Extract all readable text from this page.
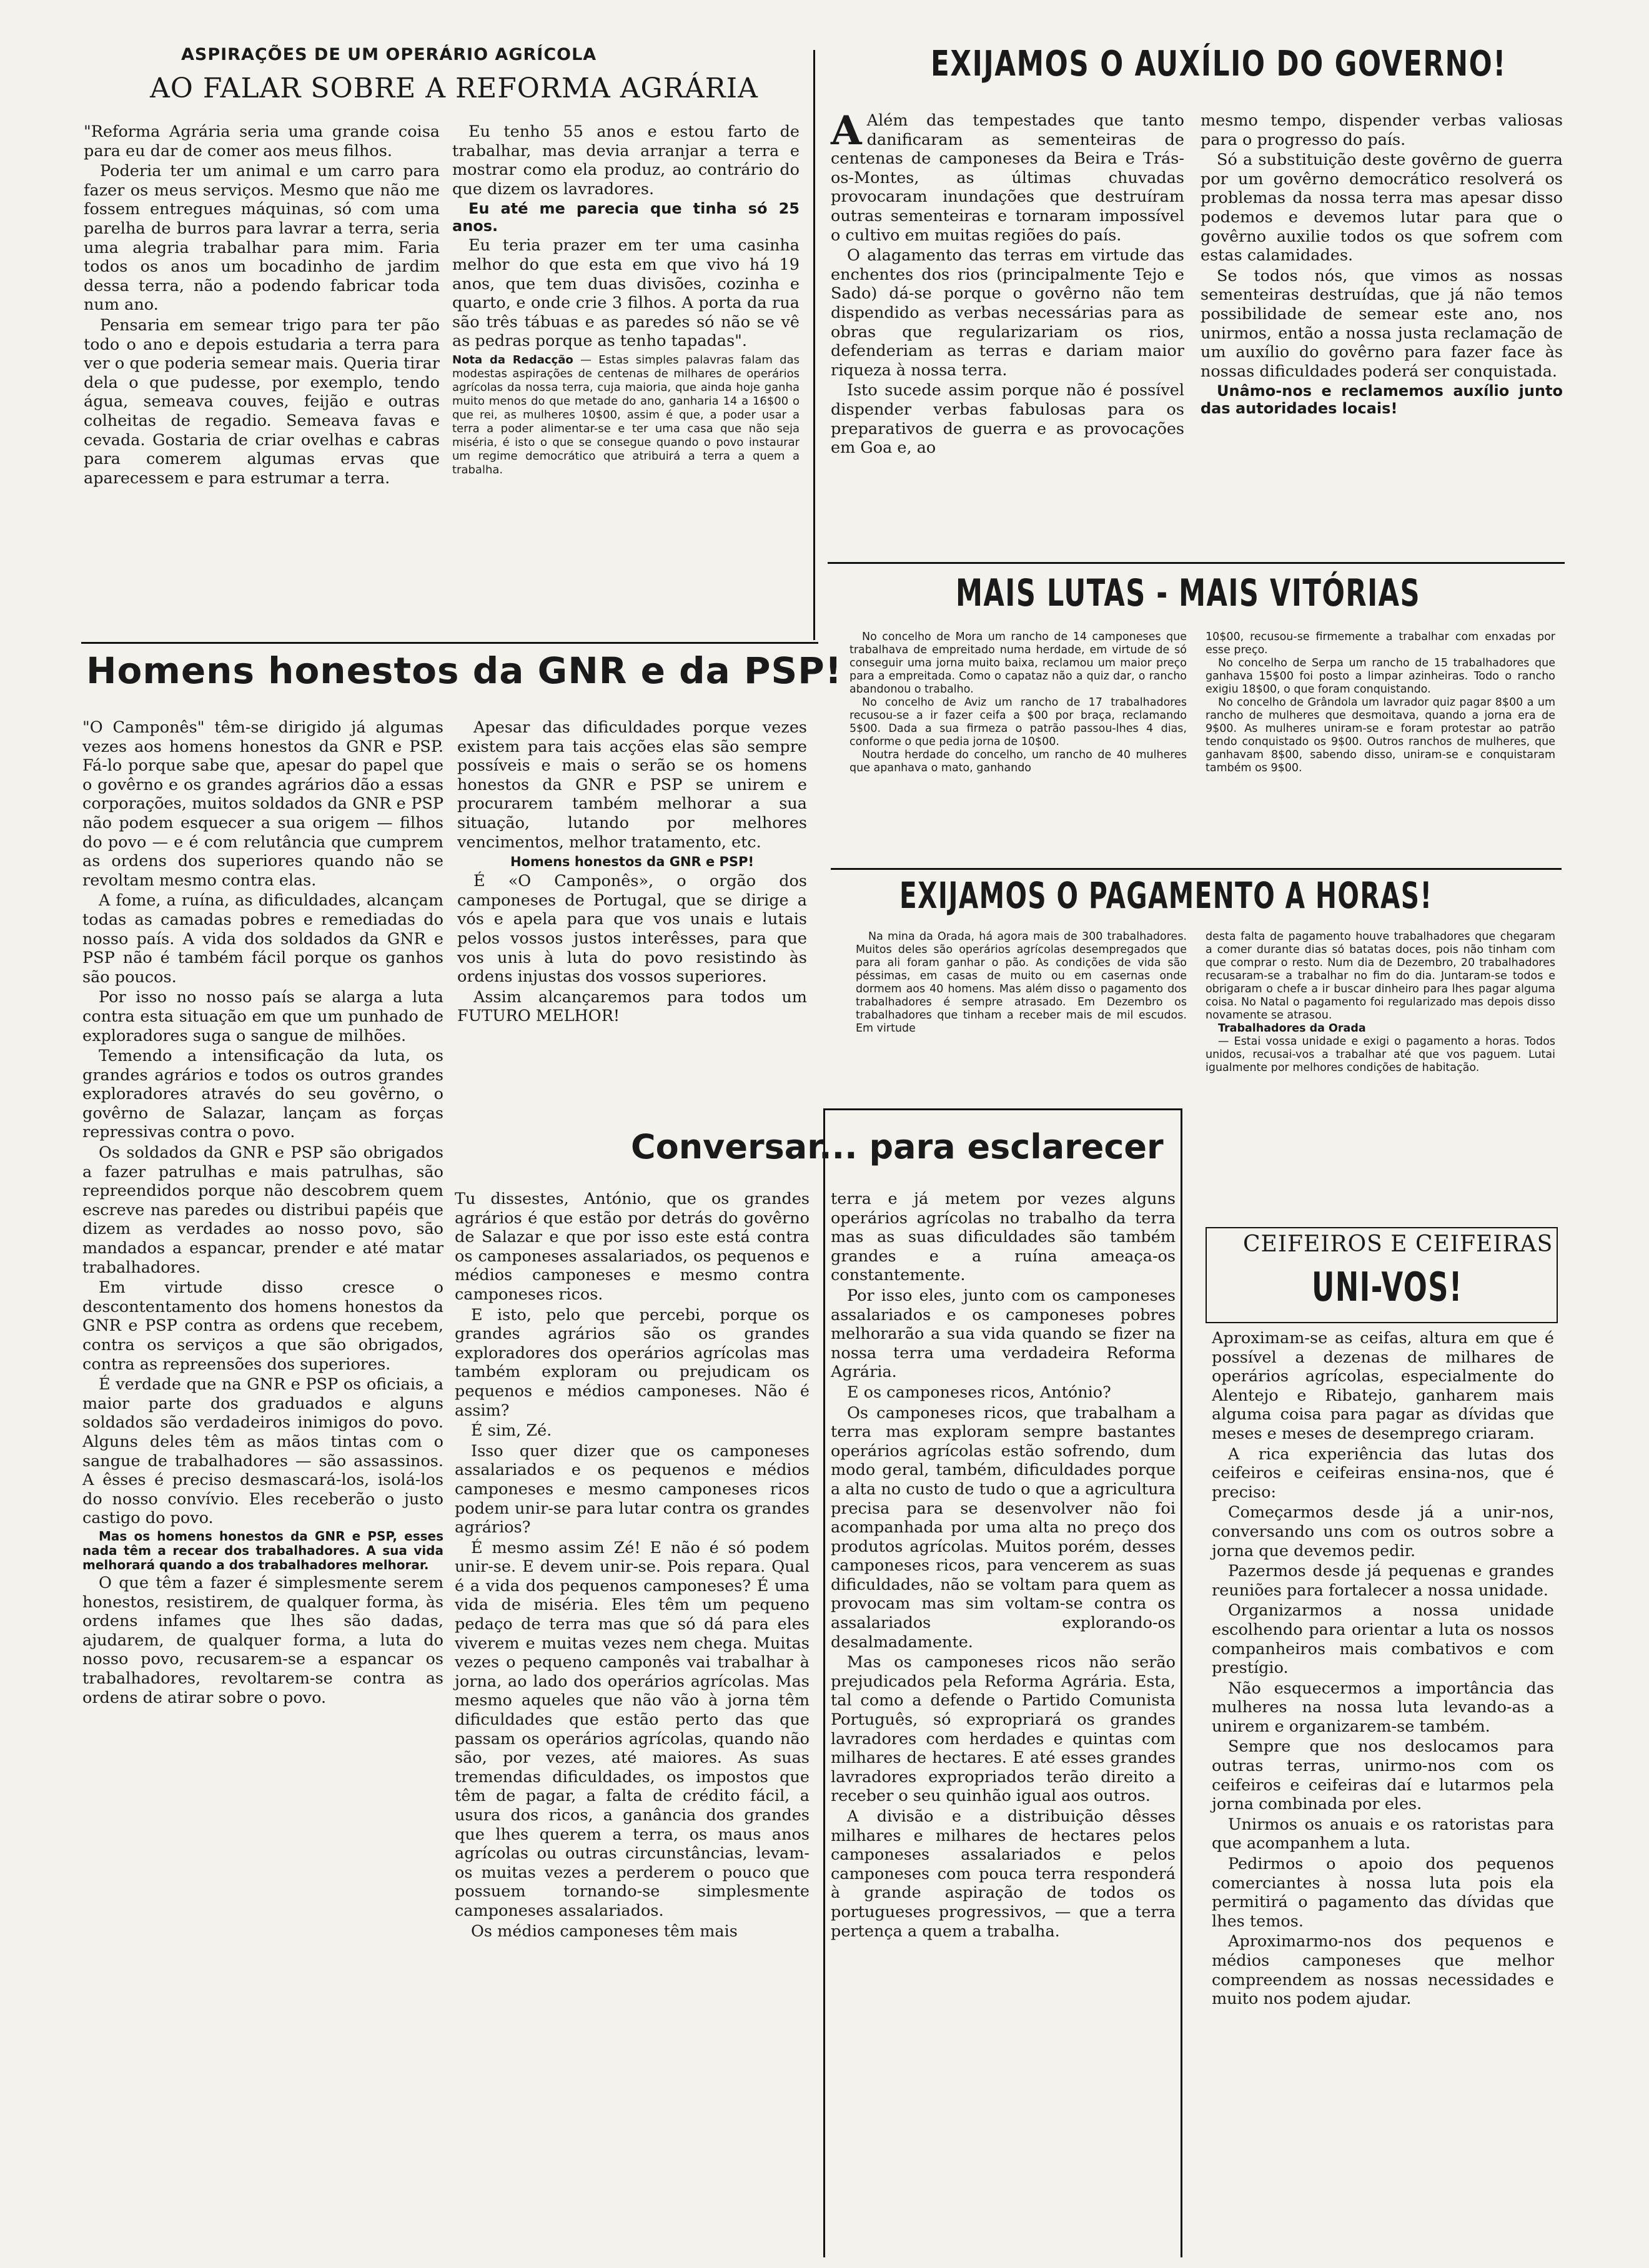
ASPIRAÇÕES DE UM OPERÁRIO AGRÍCOLA
AO FALAR SOBRE A REFORMA AGRÁRIA

"Reforma Agrária seria uma grande coisa para eu dar de comer aos meus filhos.

Poderia ter um animal e um carro para fazer os meus serviços. Mesmo que não me fossem entregues máquinas, só com uma parelha de burros para lavrar a terra, seria uma alegria trabalhar para mim. Faria todos os anos um bocadinho de jardim dessa terra, não a podendo fabricar toda num ano.

Pensaria em semear trigo para ter pão todo o ano e depois estudaria a terra para ver o que poderia semear mais. Queria tirar dela o que pudesse, por exemplo, tendo água, semeava couves, feijão e outras colheitas de regadio. Semeava favas e cevada. Gostaria de criar ovelhas e cabras para comerem algumas ervas que aparecessem e para estrumar a terra.

Eu tenho 55 anos e estou farto de trabalhar, mas devia arranjar a terra e mostrar como ela produz, ao contrário do que dizem os lavradores.

Eu até me parecia que tinha só 25 anos.

Eu teria prazer em ter uma casinha melhor do que esta em que vivo há 19 anos, que tem duas divisões, cozinha e quarto, e onde crie 3 filhos. A porta da rua são três tábuas e as paredes só não se vê as pedras porque as tenho tapadas".

Nota da Redacção — Estas simples palavras falam das modestas aspirações de centenas de milhares de operários agrícolas da nossa terra, cuja maioria, que ainda hoje ganha muito menos do que metade do ano, ganharia 14 a 16$00 o que rei, as mulheres 10$00, assim é que, a poder usar a terra a poder alimentar-se e ter uma casa que não seja miséria, é isto o que se consegue quando o povo instaurar um regime democrático que atribuirá a terra a quem a trabalha.
EXIJAMOS O AUXÍLIO DO GOVERNO!

A Além das tempestades que tanto danificaram as sementeiras de centenas de camponeses da Beira e Trás-os-Montes, as últimas chuvadas provocaram inundações que destruíram outras sementeiras e tornaram impossível o cultivo em muitas regiões do país.

O alagamento das terras em virtude das enchentes dos rios (principalmente Tejo e Sado) dá-se porque o govêrno não tem dispendido as verbas necessárias para as obras que regularizariam os rios, defenderiam as terras e dariam maior riqueza à nossa terra.

Isto sucede assim porque não é possível dispender verbas fabulosas para os preparativos de guerra e as provocações em Goa e, ao

mesmo tempo, dispender verbas valiosas para o progresso do país.

Só a substituição deste govêrno de guerra por um govêrno democrático resolverá os problemas da nossa terra mas apesar disso podemos e devemos lutar para que o govêrno auxilie todos os que sofrem com estas calamidades.

Se todos nós, que vimos as nossas sementeiras destruídas, que já não temos possibilidade de semear este ano, nos unirmos, então a nossa justa reclamação de um auxílio do govêrno para fazer face às nossas dificuldades poderá ser conquistada.

Unâmo-nos e reclamemos auxílio junto das autoridades locais!

Homens honestos da GNR e da PSP!

"O Camponês" têm-se dirigido já algumas vezes aos homens honestos da GNR e PSP. Fá-lo porque sabe que, apesar do papel que o govêrno e os grandes agrários dão a essas corporações, muitos soldados da GNR e PSP não podem esquecer a sua origem — filhos do povo — e é com relutância que cumprem as ordens dos superiores quando não se revoltam mesmo contra elas.

A fome, a ruína, as dificuldades, alcançam todas as camadas pobres e remediadas do nosso país. A vida dos soldados da GNR e PSP não é também fácil porque os ganhos são poucos.

Por isso no nosso país se alarga a luta contra esta situação em que um punhado de exploradores suga o sangue de milhões.

Temendo a intensificação da luta, os grandes agrários e todos os outros grandes exploradores através do seu govêrno, o govêrno de Salazar, lançam as forças repressivas contra o povo.

Os soldados da GNR e PSP são obrigados a fazer patrulhas e mais patrulhas, são repreendidos porque não descobrem quem escreve nas paredes ou distribui papéis que dizem as verdades ao nosso povo, são mandados a espancar, prender e até matar trabalhadores.

Em virtude disso cresce o descontentamento dos homens honestos da GNR e PSP contra as ordens que recebem, contra os serviços a que são obrigados, contra as repreensões dos superiores.

É verdade que na GNR e PSP os oficiais, a maior parte dos graduados e alguns soldados são verdadeiros inimigos do povo. Alguns deles têm as mãos tintas com o sangue de trabalhadores — são assassinos. A êsses é preciso desmascará-los, isolá-los do nosso convívio. Eles receberão o justo castigo do povo.

Mas os homens honestos da GNR e PSP, esses nada têm a recear dos trabalhadores. A sua vida melhorará quando a dos trabalhadores melhorar.

O que têm a fazer é simplesmente serem honestos, resistirem, de qualquer forma, às ordens infames que lhes são dadas, ajudarem, de qualquer forma, a luta do nosso povo, recusarem-se a espancar os trabalhadores, revoltarem-se contra as ordens de atirar sobre o povo.

Apesar das dificuldades porque vezes existem para tais acções elas são sempre possíveis e mais o serão se os homens honestos da GNR e PSP se unirem e procurarem também melhorar a sua situação, lutando por melhores vencimentos, melhor tratamento, etc.

Homens honestos da GNR e PSP!

É «O Camponês», o orgão dos camponeses de Portugal, que se dirige a vós e apela para que vos unais e lutais pelos vossos justos interêsses, para que vos unis à luta do povo resistindo às ordens injustas dos vossos superiores.

Assim alcançaremos para todos um FUTURO MELHOR!

MAIS LUTAS - MAIS VITÓRIAS

No concelho de Mora um rancho de 14 camponeses que trabalhava de empreitado numa herdade, em virtude de só conseguir uma jorna muito baixa, reclamou um maior preço para a empreitada. Como o capataz não a quiz dar, o rancho abandonou o trabalho.

No concelho de Aviz um rancho de 17 trabalhadores recusou-se a ir fazer ceifa a $00 por braça, reclamando 5$00. Dada a sua firmeza o patrão passou-lhes 4 dias, conforme o que pedia jorna de 10$00.

Noutra herdade do concelho, um rancho de 40 mulheres que apanhava o mato, ganhando

10$00, recusou-se firmemente a trabalhar com enxadas por esse preço.

No concelho de Serpa um rancho de 15 trabalhadores que ganhava 15$00 foi posto a limpar azinheiras. Todo o rancho exigiu 18$00, o que foram conquistando.

No concelho de Grândola um lavrador quiz pagar 8$00 a um rancho de mulheres que desmoitava, quando a jorna era de 9$00. As mulheres uniram-se e foram protestar ao patrão tendo conquistado os 9$00. Outros ranchos de mulheres, que ganhavam 8$00, sabendo disso, uniram-se e conquistaram também os 9$00.

EXIJAMOS O PAGAMENTO A HORAS!

Na mina da Orada, há agora mais de 300 trabalhadores. Muitos deles são operários agrícolas desempregados que para ali foram ganhar o pão. As condições de vida são péssimas, em casas de muito ou em casernas onde dormem aos 40 homens. Mas além disso o pagamento dos trabalhadores é sempre atrasado. Em Dezembro os trabalhadores que tinham a receber mais de mil escudos. Em virtude

desta falta de pagamento houve trabalhadores que chegaram a comer durante dias só batatas doces, pois não tinham com que comprar o resto. Num dia de Dezembro, 20 trabalhadores recusaram-se a trabalhar no fim do dia. Juntaram-se todos e obrigaram o chefe a ir buscar dinheiro para lhes pagar alguma coisa. No Natal o pagamento foi regularizado mas depois disso novamente se atrasou.

Trabalhadores da Orada

— Estai vossa unidade e exigi o pagamento a horas. Todos unidos, recusai-vos a trabalhar até que vos paguem. Lutai igualmente por melhores condições de habitação.

Conversar... para esclarecer

Tu dissestes, António, que os grandes agrários é que estão por detrás do govêrno de Salazar e que por isso este está contra os camponeses assalariados, os pequenos e médios camponeses e mesmo contra camponeses ricos.

E isto, pelo que percebi, porque os grandes agrários são os grandes exploradores dos operários agrícolas mas também exploram ou prejudicam os pequenos e médios camponeses. Não é assim?

É sim, Zé.

Isso quer dizer que os camponeses assalariados e os pequenos e médios camponeses e mesmo camponeses ricos podem unir-se para lutar contra os grandes agrários?

É mesmo assim Zé! E não é só podem unir-se. E devem unir-se. Pois repara. Qual é a vida dos pequenos camponeses? É uma vida de miséria. Eles têm um pequeno pedaço de terra mas que só dá para eles viverem e muitas vezes nem chega. Muitas vezes o pequeno camponês vai trabalhar à jorna, ao lado dos operários agrícolas. Mas mesmo aqueles que não vão à jorna têm dificuldades que estão perto das que passam os operários agrícolas, quando não são, por vezes, até maiores. As suas tremendas dificuldades, os impostos que têm de pagar, a falta de crédito fácil, a usura dos ricos, a ganância dos grandes que lhes querem a terra, os maus anos agrícolas ou outras circunstâncias, levam-os muitas vezes a perderem o pouco que possuem tornando-se simplesmente camponeses assalariados.

Os médios camponeses têm mais

terra e já metem por vezes alguns operários agrícolas no trabalho da terra mas as suas dificuldades são também grandes e a ruína ameaça-os constantemente.

Por isso eles, junto com os camponeses assalariados e os camponeses pobres melhorarão a sua vida quando se fizer na nossa terra uma verdadeira Reforma Agrária.

E os camponeses ricos, António?

Os camponeses ricos, que trabalham a terra mas exploram sempre bastantes operários agrícolas estão sofrendo, dum modo geral, também, dificuldades porque a alta no custo de tudo o que a agricultura precisa para se desenvolver não foi acompanhada por uma alta no preço dos produtos agrícolas. Muitos porém, desses camponeses ricos, para vencerem as suas dificuldades, não se voltam para quem as provocam mas sim voltam-se contra os assalariados explorando-os desalmadamente.

Mas os camponeses ricos não serão prejudicados pela Reforma Agrária. Esta, tal como a defende o Partido Comunista Português, só expropriará os grandes lavradores com herdades e quintas com milhares de hectares. E até esses grandes lavradores expropriados terão direito a receber o seu quinhão igual aos outros.

A divisão e a distribuição dêsses milhares e milhares de hectares pelos camponeses assalariados e pelos camponeses com pouca terra responderá à grande aspiração de todos os portugueses progressivos, — que a terra pertença a quem a trabalha.

CEIFEIROS E CEIFEIRAS
UNI-VOS!

Aproximam-se as ceifas, altura em que é possível a dezenas de milhares de operários agrícolas, especialmente do Alentejo e Ribatejo, ganharem mais alguma coisa para pagar as dívidas que meses e meses de desemprego criaram.

A rica experiência das lutas dos ceifeiros e ceifeiras ensina-nos, que é preciso:

Começarmos desde já a unir-nos, conversando uns com os outros sobre a jorna que devemos pedir.

Pazermos desde já pequenas e grandes reuniões para fortalecer a nossa unidade.

Organizarmos a nossa unidade escolhendo para orientar a luta os nossos companheiros mais combativos e com prestígio.

Não esquecermos a importância das mulheres na nossa luta levando-as a unirem e organizarem-se também.

Sempre que nos deslocamos para outras terras, unirmo-nos com os ceifeiros e ceifeiras daí e lutarmos pela jorna combinada por eles.

Unirmos os anuais e os ratoristas para que acompanhem a luta.

Pedirmos o apoio dos pequenos comerciantes à nossa luta pois ela permitirá o pagamento das dívidas que lhes temos.

Aproximarmo-nos dos pequenos e médios camponeses que melhor compreendem as nossas necessidades e muito nos podem ajudar.
